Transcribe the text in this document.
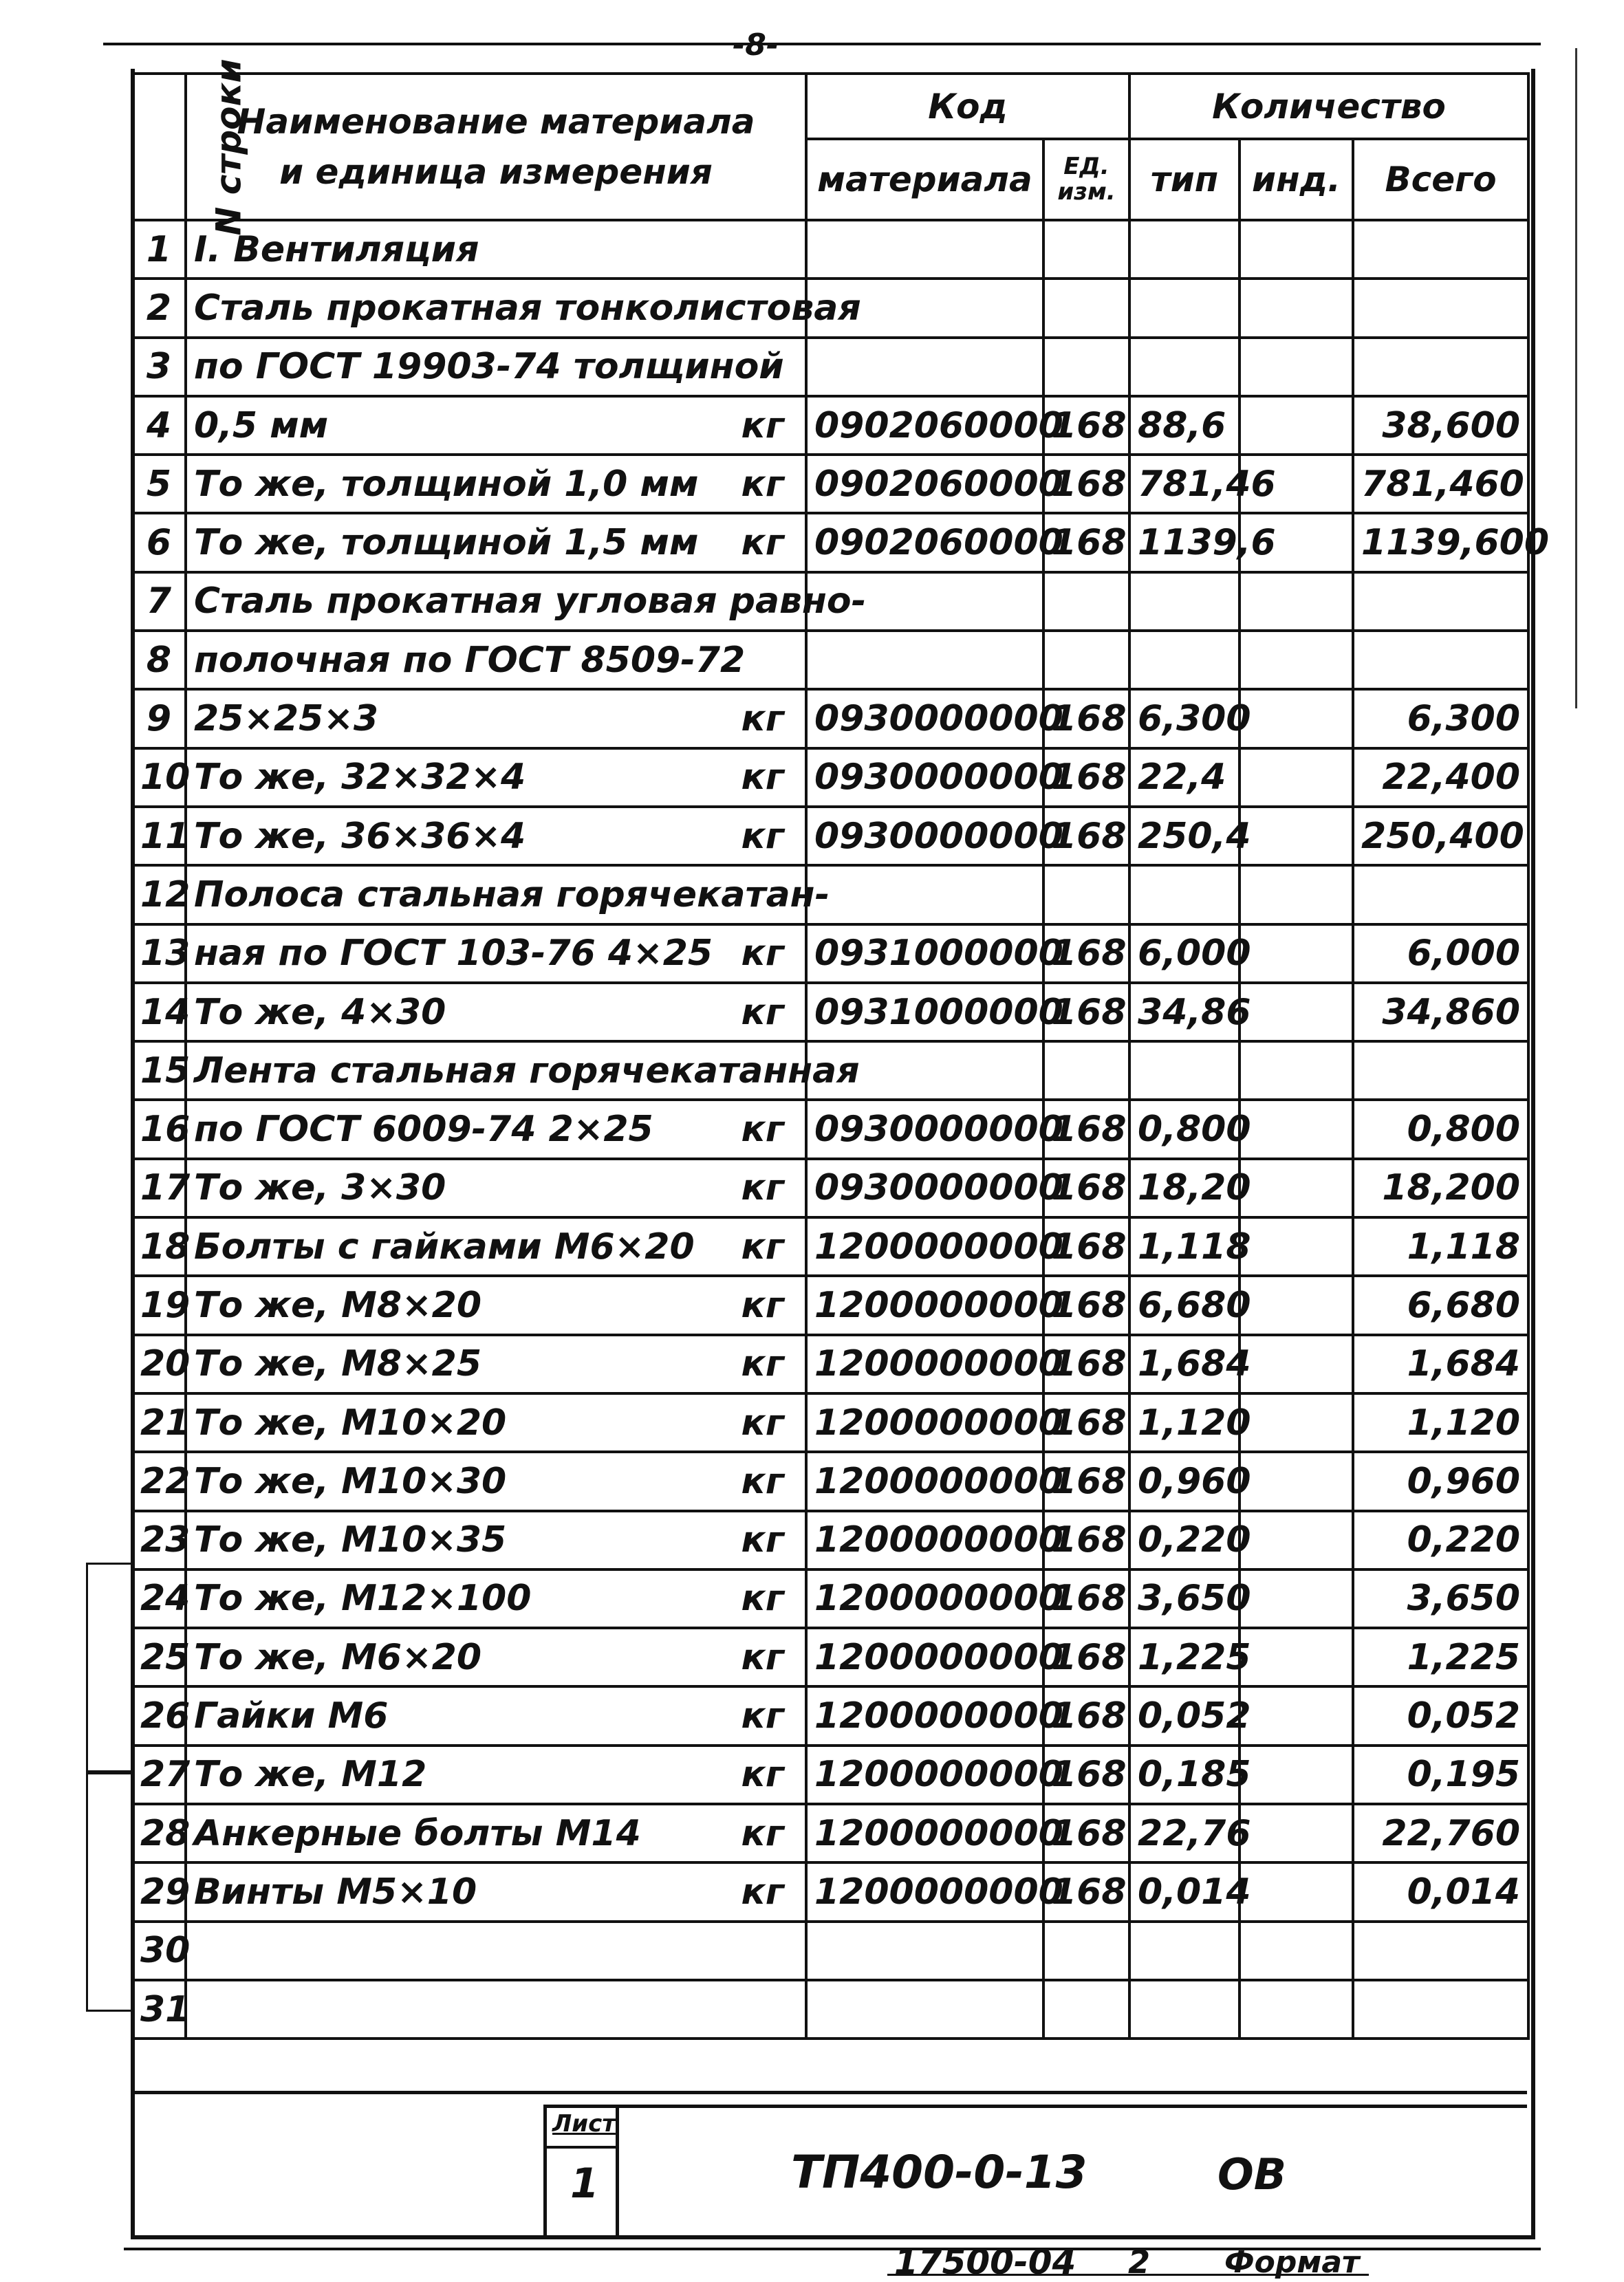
-8-
N строки	Наименование материала
и единица измерения	Код		Количество		
		материала	ЕД. изм.	тип	инд.	Всего
1	I. Вентиляция

2	Сталь прокатная тонколистовая

3	по ГОСТ 19903-74 толщиной

4	0,5 мм кг	0902060000	168	88,6		38,600
5	То же, толщиной 1,0 мм кг	0902060000	168	781,46		781,460
6	То же, толщиной 1,5 мм кг	0902060000	168	1139,6		1139,600
7	Сталь прокатная угловая равно-

8	полочная по ГОСТ 8509-72

9	25×25×3 кг	0930000000	168	6,300		6,300
10	То же, 32×32×4 кг	0930000000	168	22,4		22,400
11	То же, 36×36×4 кг	0930000000	168	250,4		250,400
12	Полоса стальная горячекатан-

13	ная по ГОСТ 103-76 4×25 кг	0931000000	168	6,000		6,000
14	То же, 4×30 кг	0931000000	168	34,86		34,860
15	Лента стальная горячекатанная

16	по ГОСТ 6009-74 2×25 кг	0930000000	168	0,800		0,800
17	То же, 3×30 кг	0930000000	168	18,20		18,200
18	Болты с гайками М6×20 кг	1200000000	168	1,118		1,118
19	То же, М8×20 кг	1200000000	168	6,680		6,680
20	То же, М8×25 кг	1200000000	168	1,684		1,684
21	То же, М10×20 кг	1200000000	168	1,120		1,120
22	То же, М10×30 кг	1200000000	168	0,960		0,960
23	То же, М10×35 кг	1200000000	168	0,220		0,220
24	То же, М12×100 кг	1200000000	168	3,650		3,650
25	То же, М6×20 кг	1200000000	168	1,225		1,225
26	Гайки М6 кг	1200000000	168	0,052		0,052
27	То же, М12 кг	1200000000	168	0,185		0,195
28	Анкерные болты М14 кг	1200000000	168	22,76		22,760
29	Винты М5×10 кг	1200000000	168	0,014		0,014
30	

31	

Лист
1	ТП400-0-13	ОВ
17500-04 2 Формат
